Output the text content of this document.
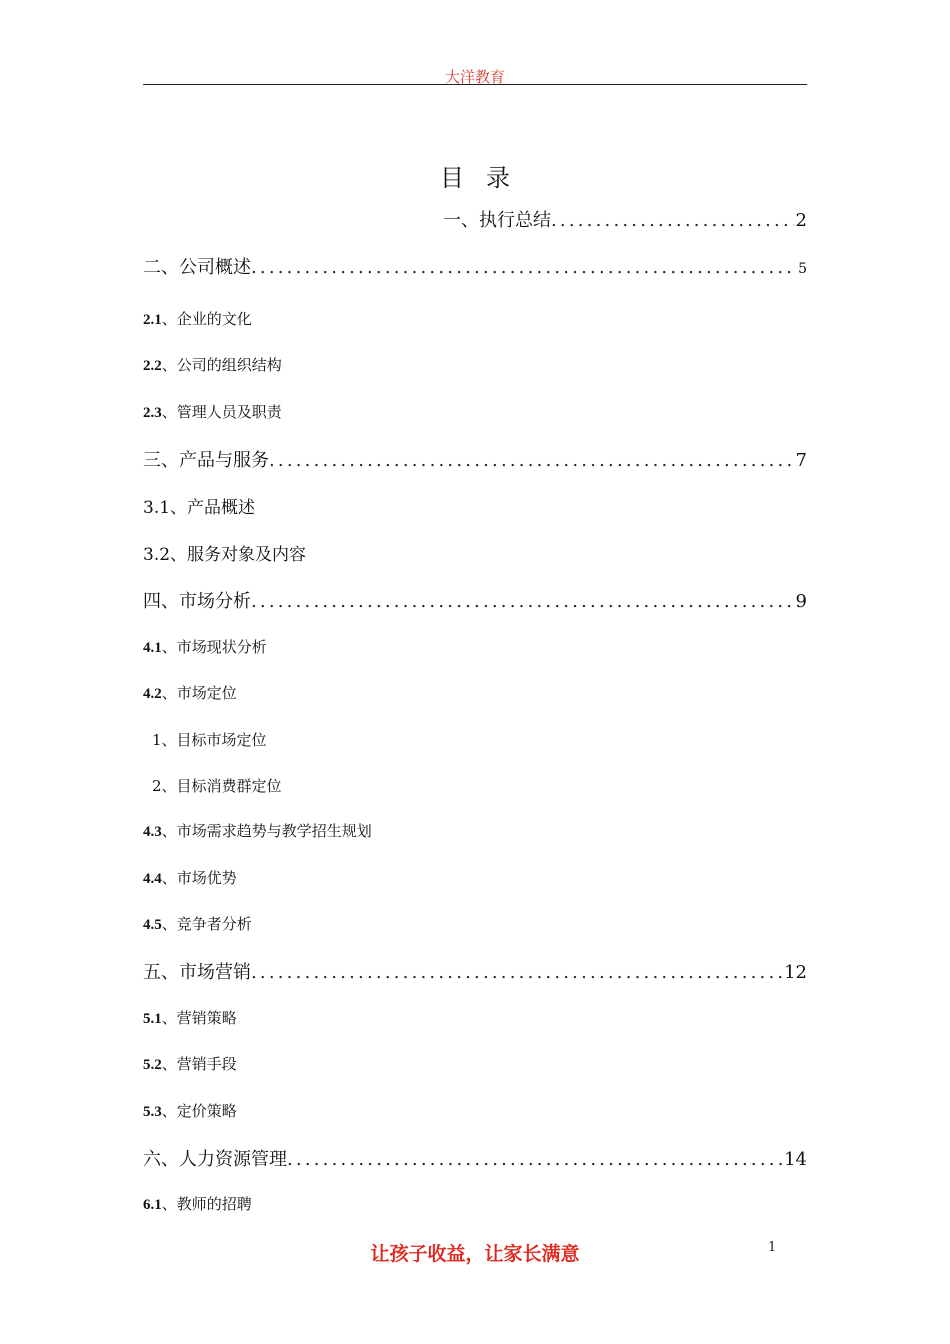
大洋教育
目录
一、执行总结 .....	2
二、公司概述 .....	5
2.1、企业的文化
2.2、公司的组织结构
2.3、管理人员及职责
三、产品与服务 .....	7
3.1、产品概述
3.2、服务对象及内容
四、市场分析 .....	9
4.1、市场现状分析
4.2、市场定位
1、目标市场定位
2、目标消费群定位
4.3、市场需求趋势与教学招生规划
4.4、市场优势
4.5、竞争者分析
五、市场营销 .....	12
5.1、营销策略
5.2、营销手段
5.3、定价策略
六、人力资源管理 .....	14
6.1、教师的招聘
让孩子收益，让家长满意	1
